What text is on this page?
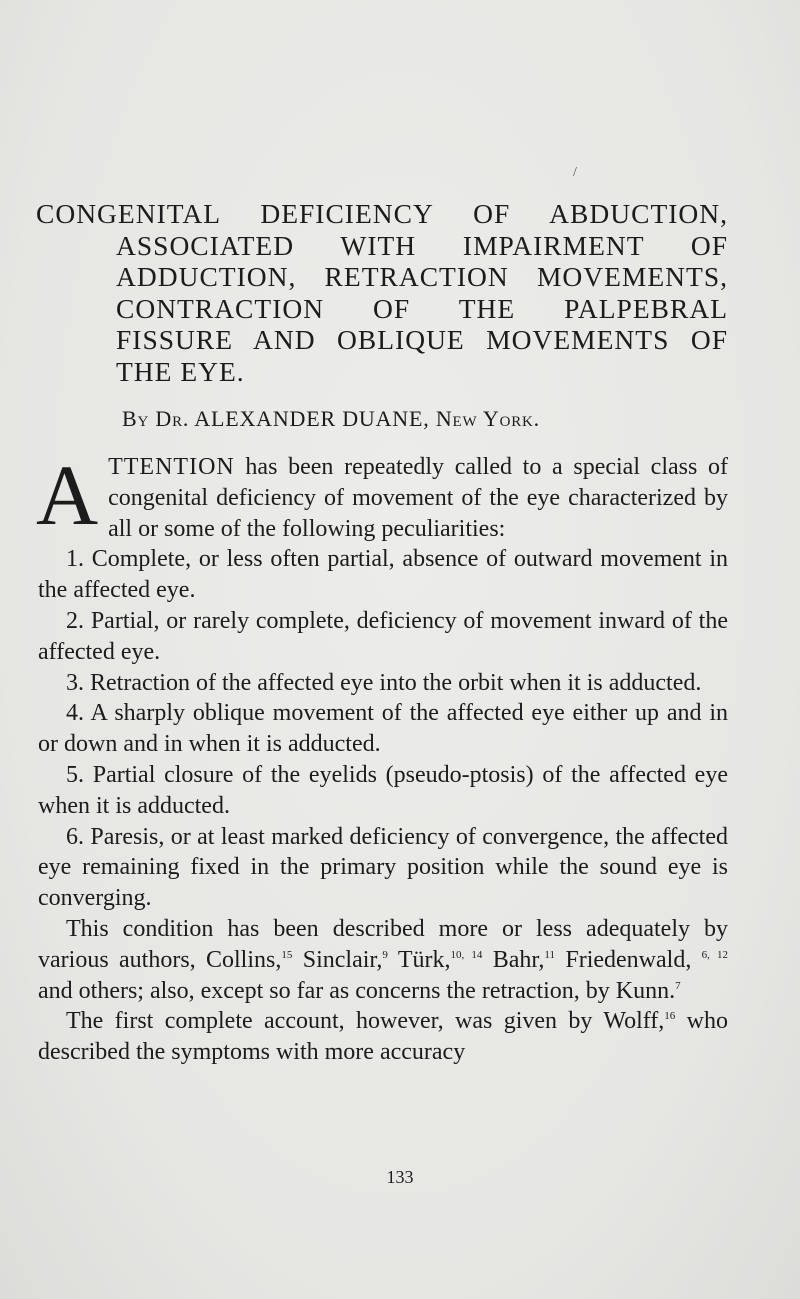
/
CONGENITAL DEFICIENCY OF ABDUCTION,
ASSOCIATED WITH IMPAIRMENT OF
ADDUCTION, RETRACTION MOVEMENTS,
CONTRACTION OF THE PALPEBRAL
FISSURE AND OBLIQUE MOVEMENTS OF
THE EYE.
By Dr. ALEXANDER DUANE, New York.

ATTENTION has been repeatedly called to a special class of congenital deficiency of movement of the eye characterized by all or some of the following peculiarities:

1. Complete, or less often partial, absence of outward movement in the affected eye.

2. Partial, or rarely complete, deficiency of movement inward of the affected eye.

3. Retraction of the affected eye into the orbit when it is adducted.

4. A sharply oblique movement of the affected eye either up and in or down and in when it is adducted.

5. Partial closure of the eyelids (pseudo-ptosis) of the affected eye when it is adducted.

6. Paresis, or at least marked deficiency of convergence, the affected eye remaining fixed in the primary position while the sound eye is converging.

This condition has been described more or less adequately by various authors, Collins,$^{15}$ Sinclair,$^9$ Türk,$^{10, 14}$ Bahr,$^{11}$ Friedenwald, $^{6, 12}$ and others; also, except so far as concerns the retraction, by Kunn.$^7$

The first complete account, however, was given by Wolff,$^{16}$ who described the symptoms with more accuracy

133
